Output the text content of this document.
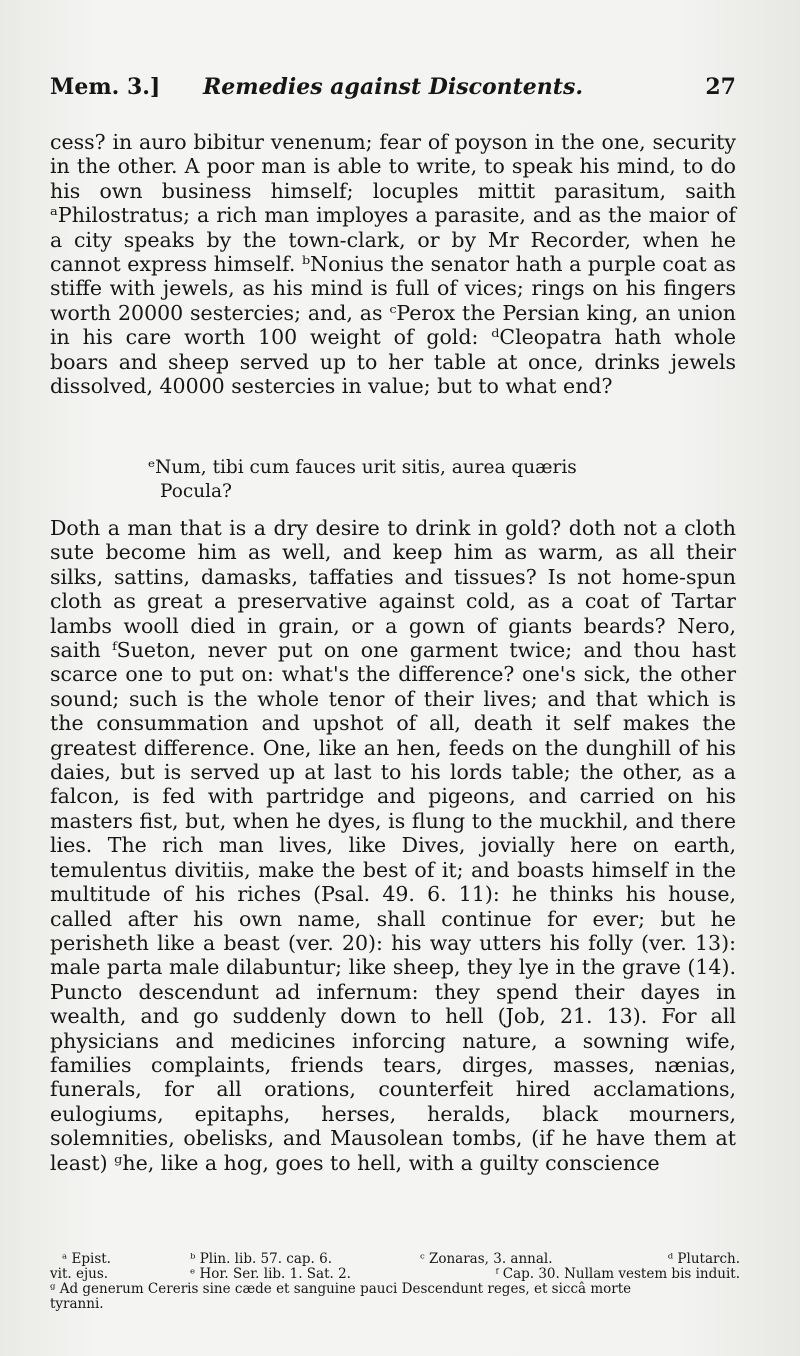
Mem. 3.]	Remedies against Discontents.	27

cess? in auro bibitur venenum; fear of poyson in the one, security in the other. A poor man is able to write, to speak his mind, to do his own business himself; locuples mittit parasitum, saith ᵃPhilostratus; a rich man imployes a parasite, and as the maior of a city speaks by the town-clark, or by Mr Recorder, when he cannot express himself. ᵇNonius the senator hath a purple coat as stiffe with jewels, as his mind is full of vices; rings on his fingers worth 20000 sestercies; and, as ᶜPerox the Persian king, an union in his care worth 100 weight of gold: ᵈCleopatra hath whole boars and sheep served up to her table at once, drinks jewels dissolved, 40000 sestercies in value; but to what end?

ᵉNum, tibi cum fauces urit sitis, aurea quæris
Pocula?

Doth a man that is a dry desire to drink in gold? doth not a cloth sute become him as well, and keep him as warm, as all their silks, sattins, damasks, taffaties and tissues? Is not home-spun cloth as great a preservative against cold, as a coat of Tartar lambs wooll died in grain, or a gown of giants beards? Nero, saith ᶠSueton, never put on one garment twice; and thou hast scarce one to put on: what's the difference? one's sick, the other sound; such is the whole tenor of their lives; and that which is the consummation and upshot of all, death it self makes the greatest difference. One, like an hen, feeds on the dunghill of his daies, but is served up at last to his lords table; the other, as a falcon, is fed with partridge and pigeons, and carried on his masters fist, but, when he dyes, is flung to the muckhil, and there lies. The rich man lives, like Dives, jovially here on earth, temulentus divitiis, make the best of it; and boasts himself in the multitude of his riches (Psal. 49. 6. 11): he thinks his house, called after his own name, shall continue for ever; but he perisheth like a beast (ver. 20): his way utters his folly (ver. 13): male parta male dilabuntur; like sheep, they lye in the grave (14). Puncto descendunt ad infernum: they spend their dayes in wealth, and go suddenly down to hell (Job, 21. 13). For all physicians and medicines inforcing nature, a sowning wife, families complaints, friends tears, dirges, masses, nænias, funerals, for all orations, counterfeit hired acclamations, eulogiums, epitaphs, herses, heralds, black mourners, solemnities, obelisks, and Mausolean tombs, (if he have them at least) ᵍhe, like a hog, goes to hell, with a guilty conscience

ᵃ Epist.	ᵇ Plin. lib. 57. cap. 6.	ᶜ Zonaras, 3. annal.	ᵈ Plutarch.
vit. ejus.	ᵉ Hor. Ser. lib. 1. Sat. 2.	ᶠ Cap. 30. Nullam vestem bis induit.
ᵍ Ad generum Cereris sine cæde et sanguine pauci Descendunt reges, et siccâ morte
tyranni.
